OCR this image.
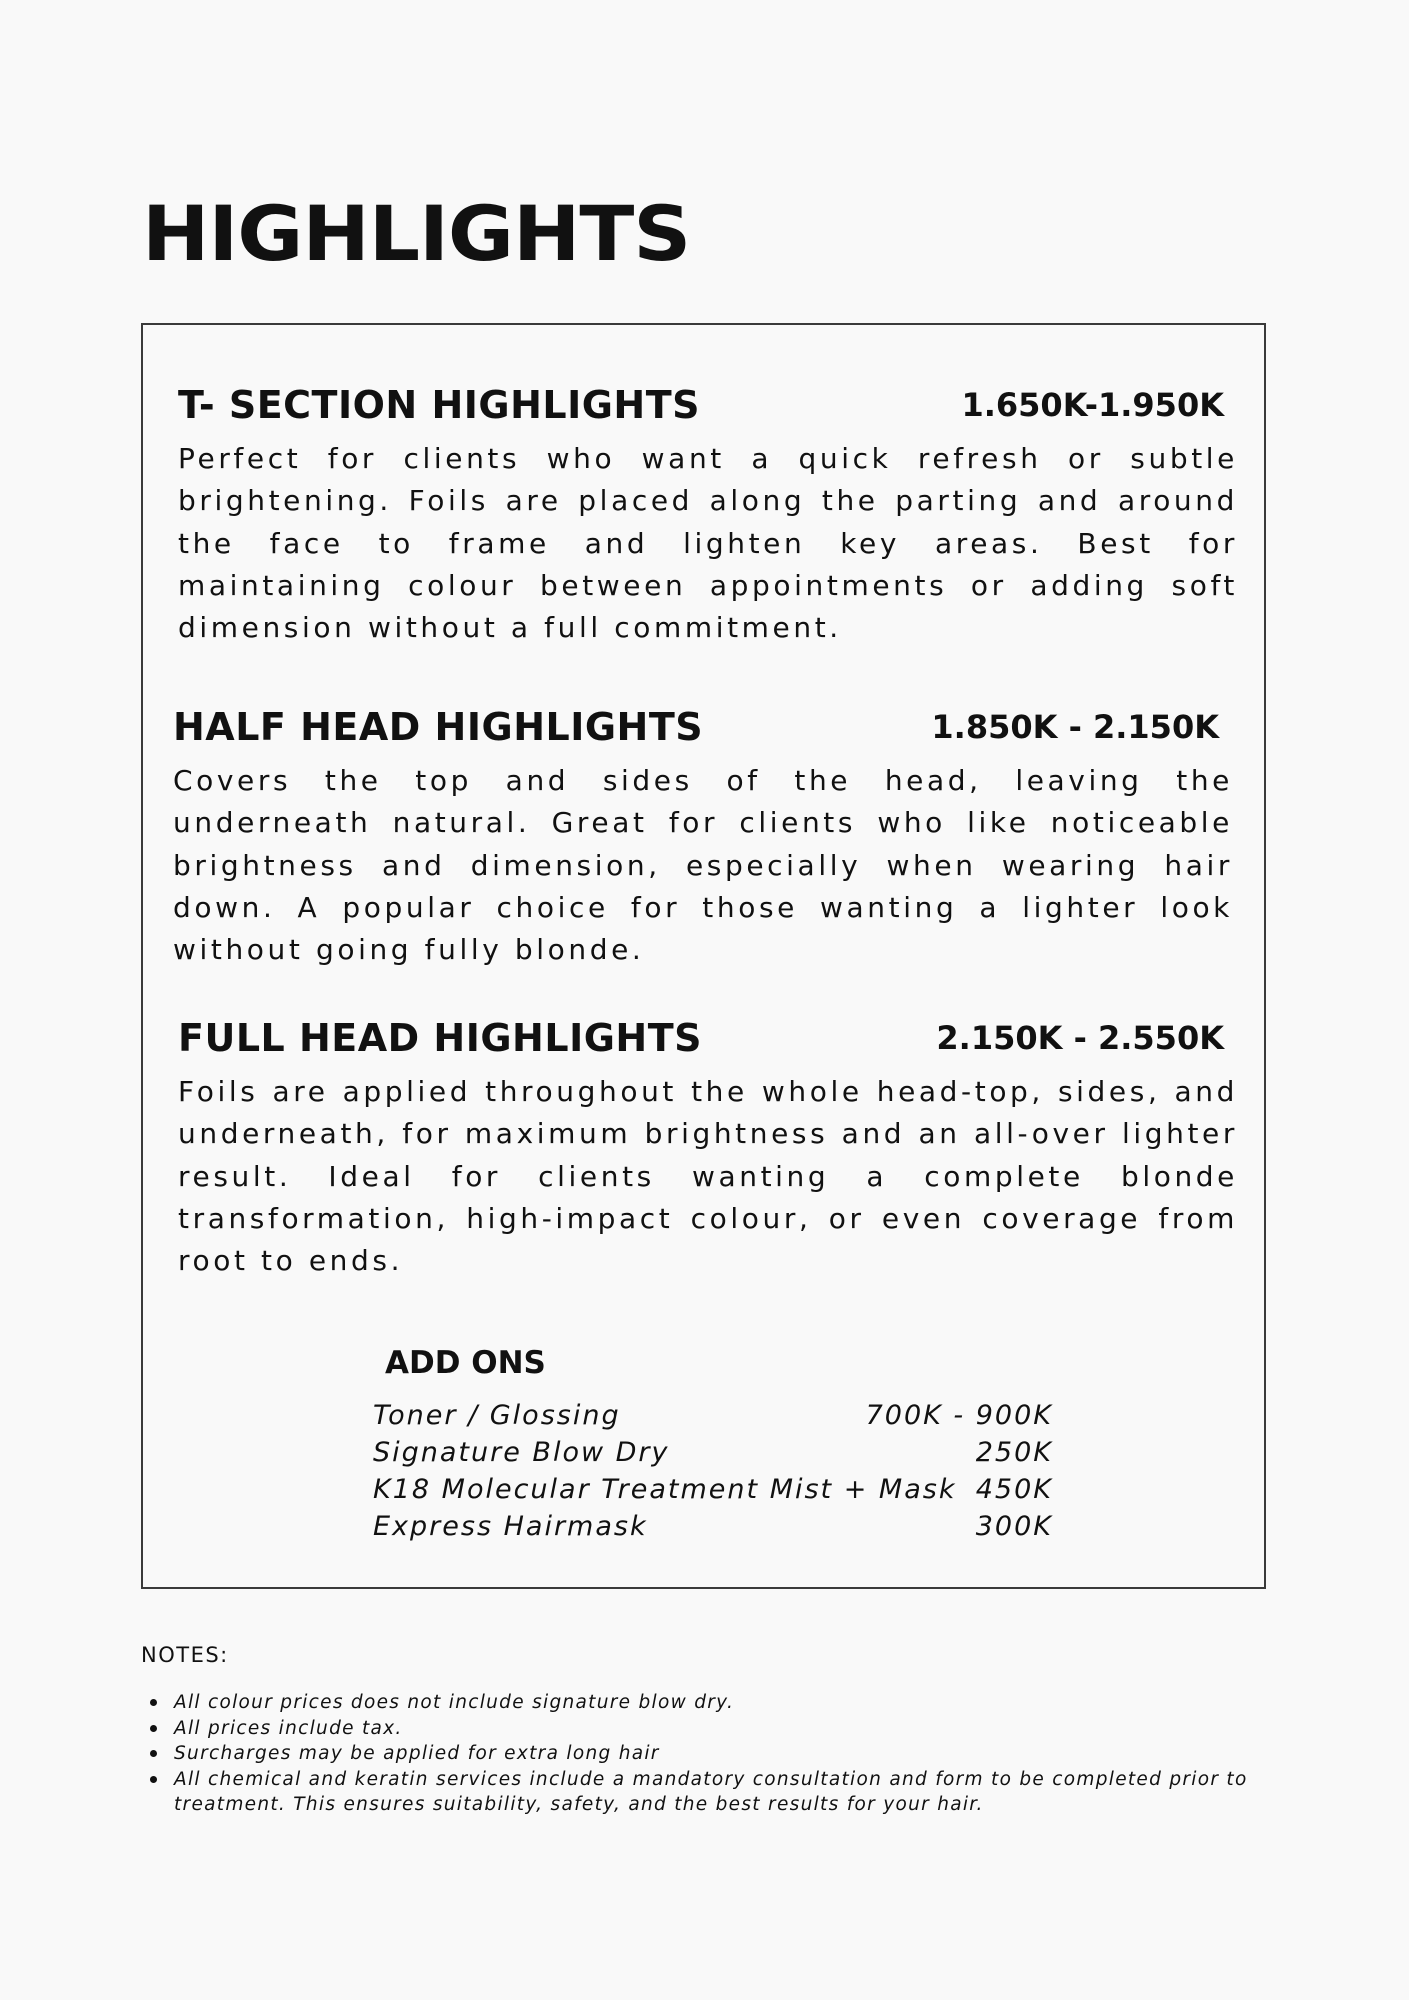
HIGHLIGHTS
T- SECTION HIGHLIGHTS	1.650K-1.950K

Perfect for clients who want a quick refresh or subtle brightening. Foils are placed along the parting and around the face to frame and lighten key areas. Best for maintaining colour between appointments or adding soft dimension without a full commitment.

HALF HEAD HIGHLIGHTS	1.850K - 2.150K

Covers the top and sides of the head, leaving the underneath natural. Great for clients who like noticeable brightness and dimension, especially when wearing hair down. A popular choice for those wanting a lighter look without going fully blonde.

FULL HEAD HIGHLIGHTS	2.150K - 2.550K

Foils are applied throughout the whole head-top, sides, and underneath, for maximum brightness and an all-over lighter result. Ideal for clients wanting a complete blonde transformation, high-impact colour, or even coverage from root to ends.

ADD ONS
Toner / Glossing	700K - 900K
Signature Blow Dry	250K
K18 Molecular Treatment Mist + Mask 450K
Express Hairmask	300K
NOTES:
All colour prices does not include signature blow dry.
All prices include tax.
Surcharges may be applied for extra long hair
All chemical and keratin services include a mandatory consultation and form to be completed prior to treatment. This ensures suitability, safety, and the best results for your hair.
